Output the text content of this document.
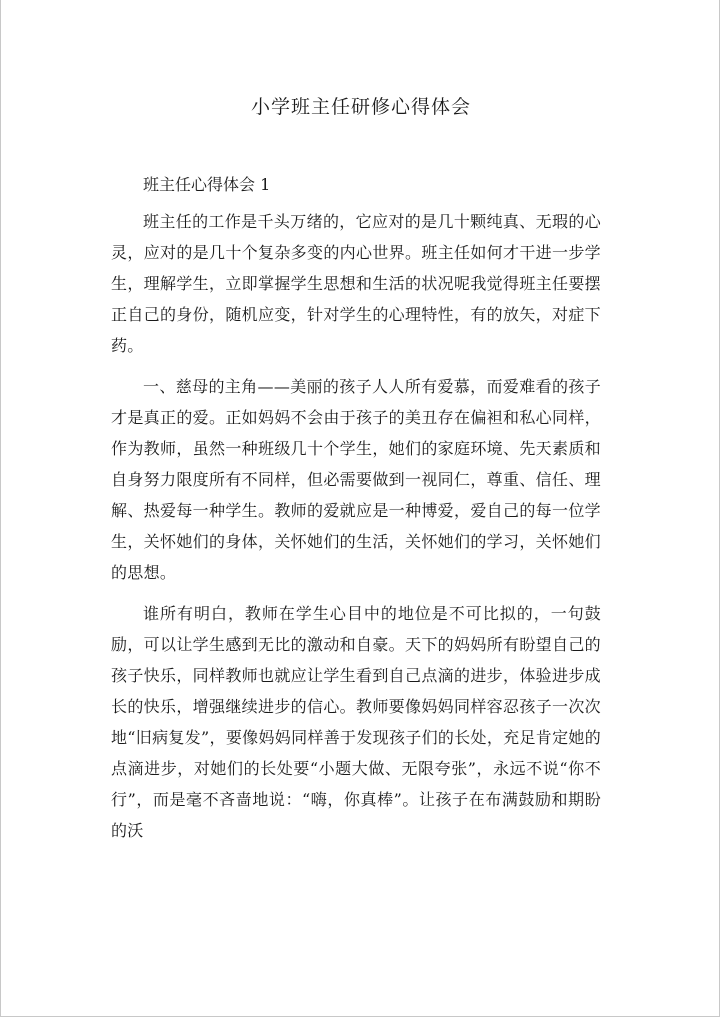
小学班主任研修心得体会

班主任心得体会 1

班主任的工作是千头万绪的，它应对的是几十颗纯真、无瑕的心灵，应对的是几十个复杂多变的内心世界。班主任如何才干进一步学生，理解学生，立即掌握学生思想和生活的状况呢我觉得班主任要摆正自己的身份，随机应变，针对学生的心理特性，有的放矢，对症下药。

一、慈母的主角——美丽的孩子人人所有爱慕，而爱难看的孩子才是真正的爱。正如妈妈不会由于孩子的美丑存在偏袒和私心同样，作为教师，虽然一种班级几十个学生，她们的家庭环境、先天素质和自身努力限度所有不同样，但必需要做到一视同仁，尊重、信任、理解、热爱每一种学生。教师的爱就应是一种博爱，爱自己的每一位学生，关怀她们的身体，关怀她们的生活，关怀她们的学习，关怀她们的思想。

谁所有明白，教师在学生心目中的地位是不可比拟的，一句鼓励，可以让学生感到无比的激动和自豪。天下的妈妈所有盼望自己的孩子快乐，同样教师也就应让学生看到自己点滴的进步，体验进步成长的快乐，增强继续进步的信心。教师要像妈妈同样容忍孩子一次次地“旧病复发”，要像妈妈同样善于发现孩子们的长处，充足肯定她的点滴进步，对她们的长处要“小题大做、无限夸张”，永远不说“你不行”，而是毫不吝啬地说：“嗨，你真棒”。让孩子在布满鼓励和期盼的沃
